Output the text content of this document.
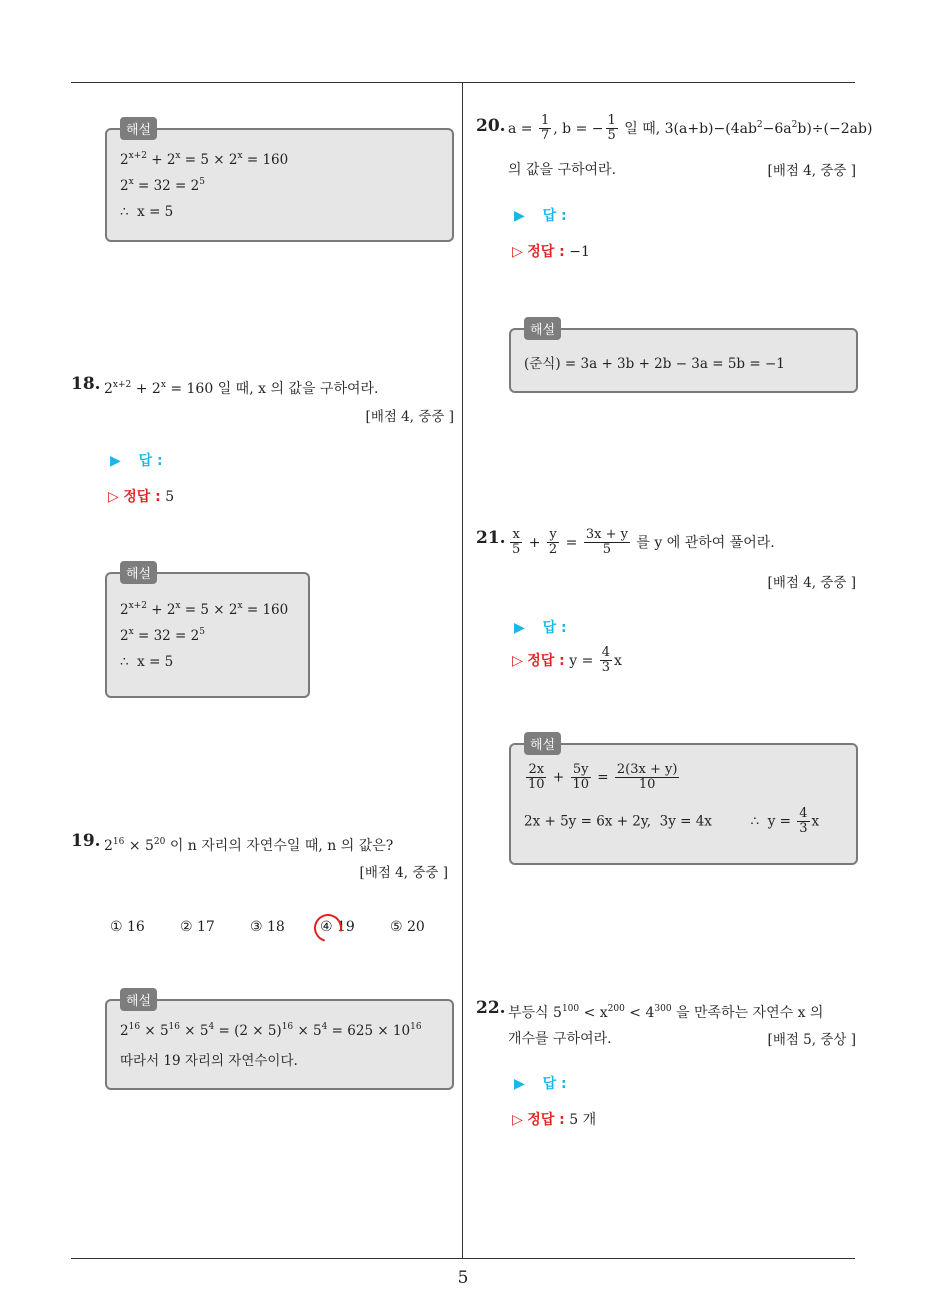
$2^{x+2} + 2^x = 5 \times 2^x = 160$
$2^x = 32 = 2^5$
∴  x = 5
해설
18. $2^{x+2} + 2^x = 160$ 일 때, x 의 값을 구하여라.
[배점 4, 중중 ]
▶ 답 :
▷ 정답 : 5
$2^{x+2} + 2^x = 5 \times 2^x = 160$
$2^x = 32 = 2^5$
∴  x = 5
해설
19. $2^{16} \times 5^{20}$ 이 n 자리의 자연수일 때, n 의 값은?
[배점 4, 중중 ]
① 16	② 17	③ 18	④ 19	⑤ 20
$2^{16} \times 5^{16} \times 5^4 = (2 \times 5)^{16} \times 5^4 = 625 \times 10^{16}$
따라서 19 자리의 자연수이다.
해설
20. $a = \frac{1}{7}$ , b = − $\frac{1}{5}$ 일 때, $3(a+b)-(4ab^2-6a^2b)\div(-2ab)$
의 값을 구하여라.	[배점 4, 중중 ]
▶ 답 :
▷ 정답 : −1
(준식) = 3a + 3b + 2b − 3a = 5b = −1
해설
21. $\frac{x}{5} + \frac{y}{2} = \frac{3x + y}{5}$ 를 y 에 관하여 풀어라.
[배점 4, 중중 ]
▶ 답 :
▷ 정답 : $y = \frac{4}{3}$ x
$\frac{2x}{10} + \frac{5y}{10} = \frac{2(3x + y)}{10}$
2x + 5y = 6x + 2y,  3y = 4x         ∴  $y = \frac{4}{3}$ x
해설
22. 부등식 $5^{100} < x^{200} < 4^{300}$ 을 만족하는 자연수 x 의
개수를 구하여라.	[배점 5, 중상 ]
▶ 답 :
▷ 정답 : 5 개
5
